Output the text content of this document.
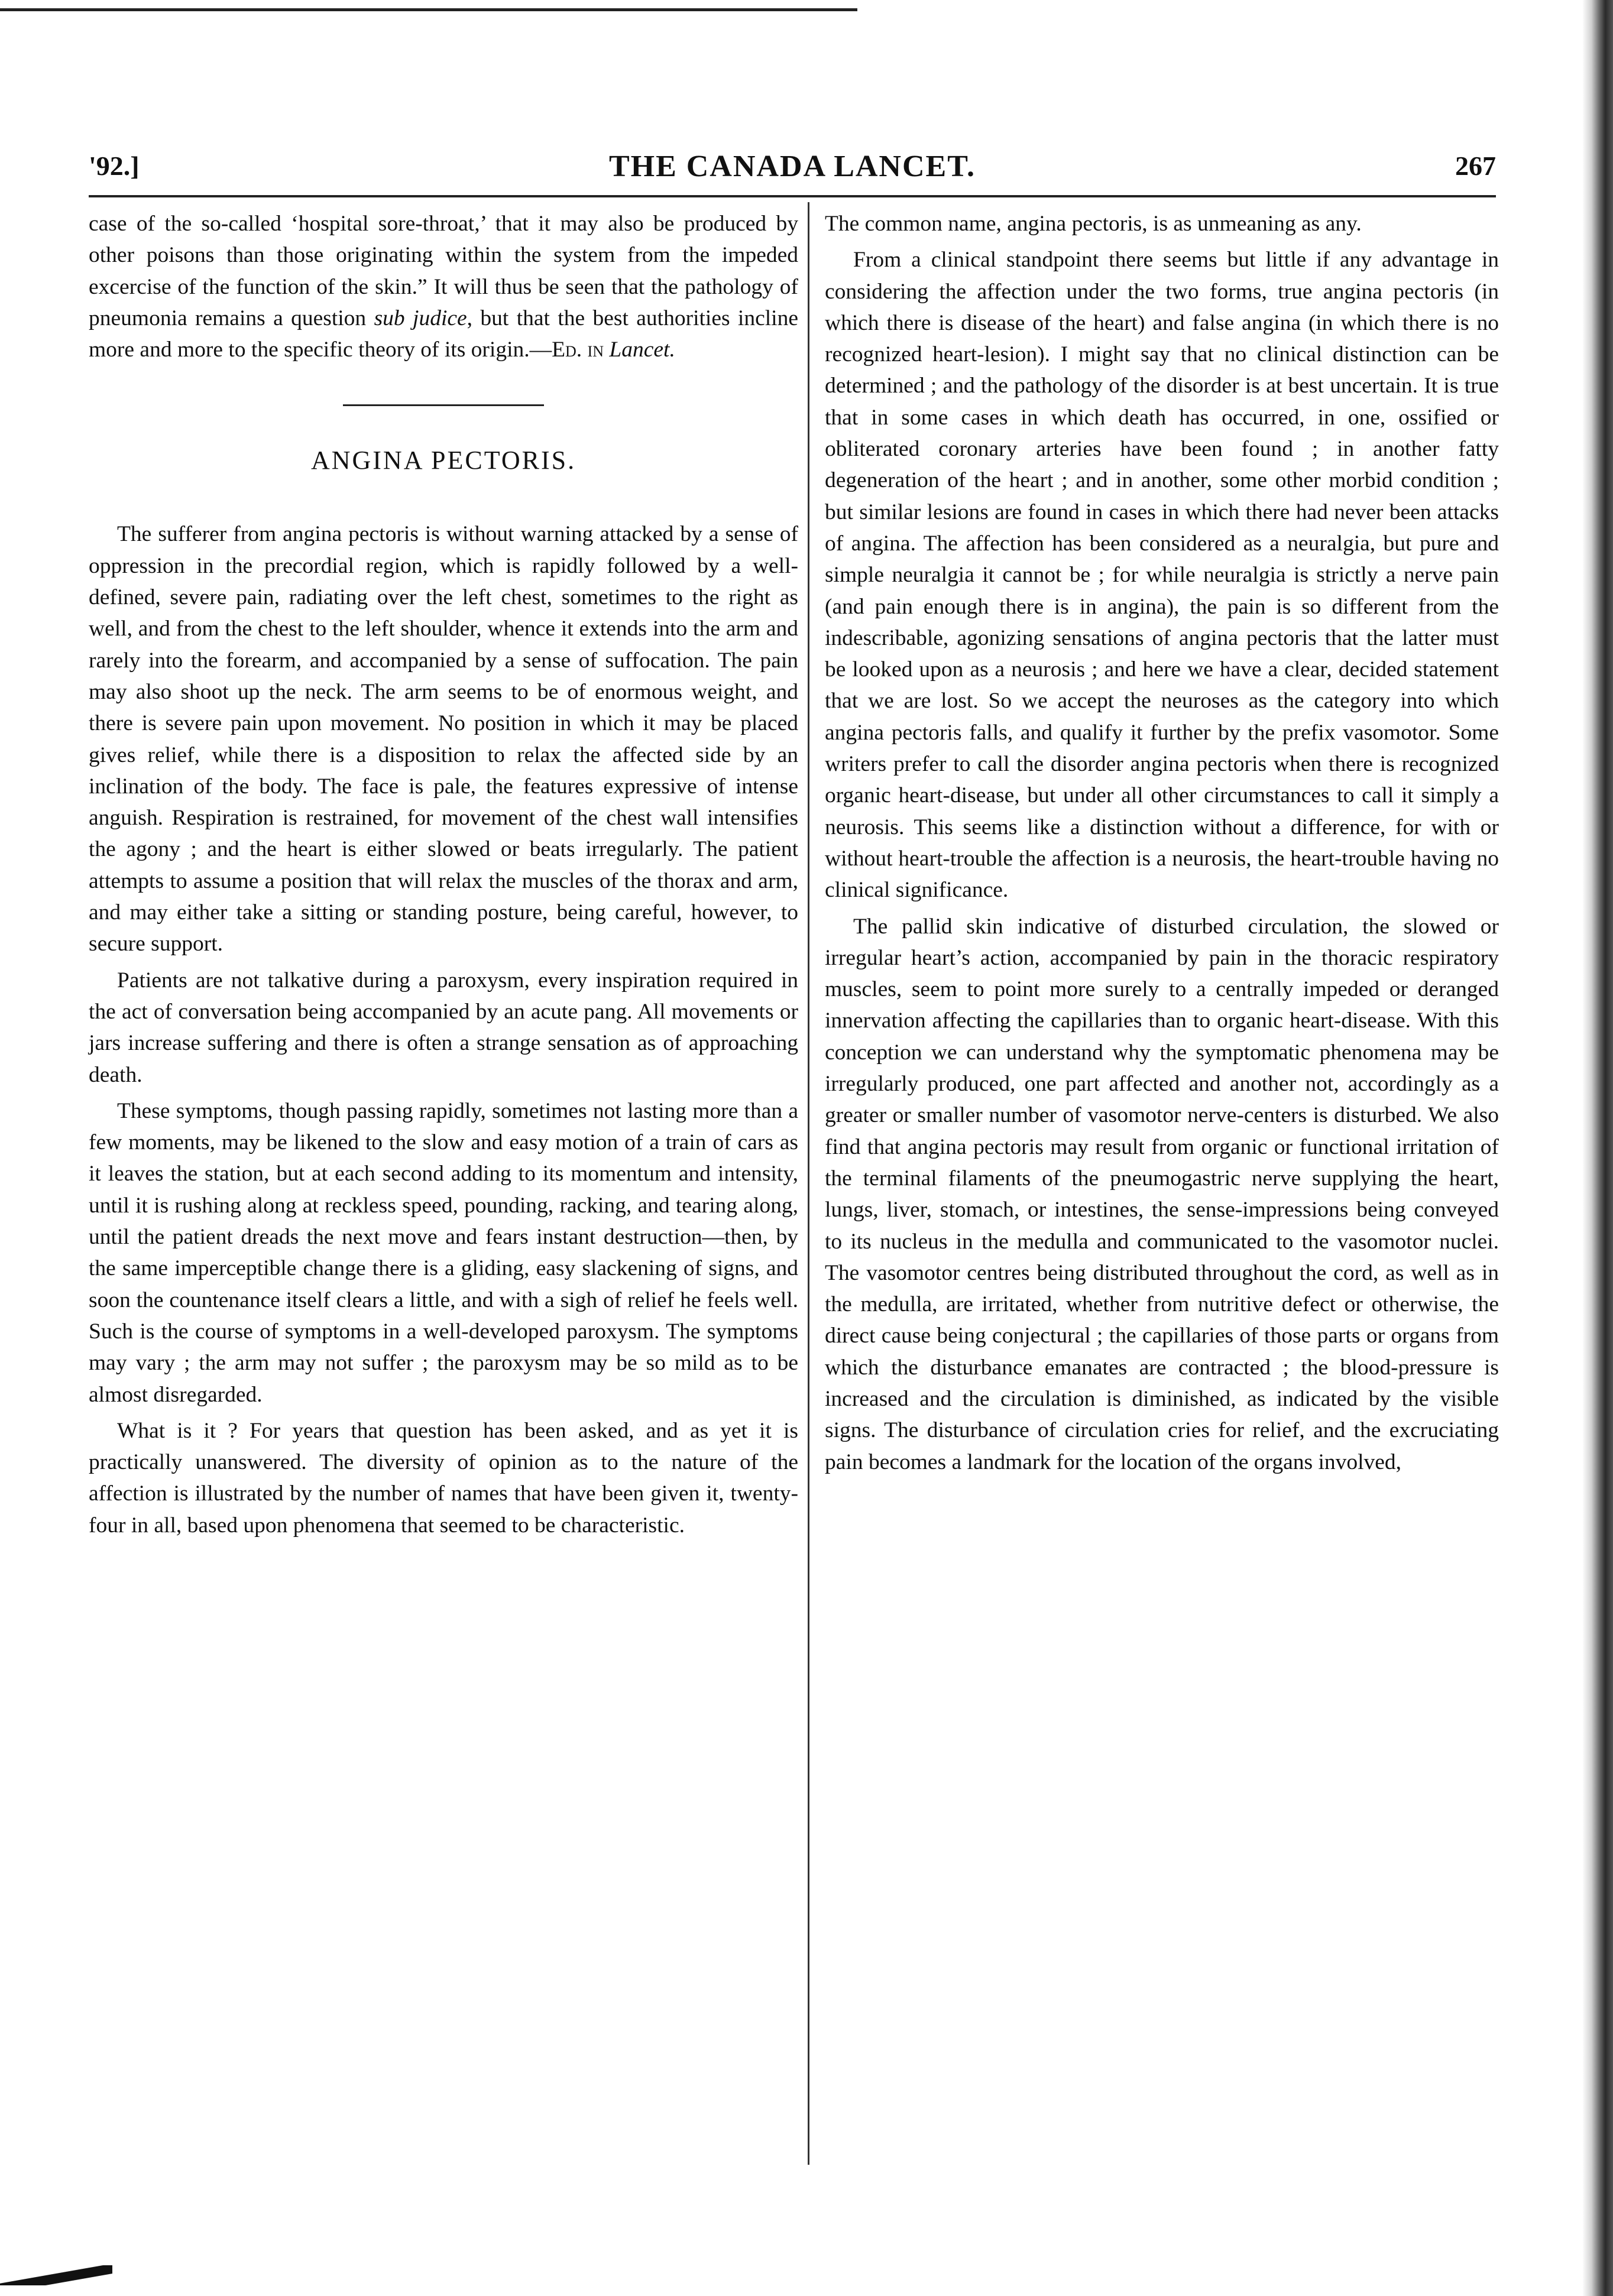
'92.]	THE CANADA LANCET.	267

case of the so-called ‘hospital sore-throat,’ that it may also be produced by other poisons than those originating within the system from the impeded excercise of the function of the skin.” It will thus be seen that the pathology of pneumonia remains a question sub judice, but that the best authorities incline more and more to the specific theory of its origin.—Ed. in Lancet.

ANGINA PECTORIS.

The sufferer from angina pectoris is without warning attacked by a sense of oppression in the precordial region, which is rapidly followed by a well-defined, severe pain, radiating over the left chest, sometimes to the right as well, and from the chest to the left shoulder, whence it extends into the arm and rarely into the forearm, and accompanied by a sense of suffocation. The pain may also shoot up the neck. The arm seems to be of enormous weight, and there is severe pain upon movement. No position in which it may be placed gives relief, while there is a disposition to relax the affected side by an inclination of the body. The face is pale, the features expressive of intense anguish. Respiration is restrained, for movement of the chest wall intensifies the agony ; and the heart is either slowed or beats irregularly. The patient attempts to assume a position that will relax the muscles of the thorax and arm, and may either take a sitting or standing posture, being careful, however, to secure support.

Patients are not talkative during a paroxysm, every inspiration required in the act of conversation being accompanied by an acute pang. All movements or jars increase suffering and there is often a strange sensation as of approaching death.

These symptoms, though passing rapidly, sometimes not lasting more than a few moments, may be likened to the slow and easy motion of a train of cars as it leaves the station, but at each second adding to its momentum and intensity, until it is rushing along at reckless speed, pounding, racking, and tearing along, until the patient dreads the next move and fears instant destruction—then, by the same imperceptible change there is a gliding, easy slackening of signs, and soon the countenance itself clears a little, and with a sigh of relief he feels well. Such is the course of symptoms in a well-developed paroxysm. The symptoms may vary ; the arm may not suffer ; the paroxysm may be so mild as to be almost disregarded.

What is it ? For years that question has been asked, and as yet it is practically unanswered. The diversity of opinion as to the nature of the affection is illustrated by the number of names that have been given it, twenty-four in all, based upon phenomena that seemed to be characteristic.

The common name, angina pectoris, is as unmeaning as any.

From a clinical standpoint there seems but little if any advantage in considering the affection under the two forms, true angina pectoris (in which there is disease of the heart) and false angina (in which there is no recognized heart-lesion). I might say that no clinical distinction can be determined ; and the pathology of the disorder is at best uncertain. It is true that in some cases in which death has occurred, in one, ossified or obliterated coronary arteries have been found ; in another fatty degeneration of the heart ; and in another, some other morbid condition ; but similar lesions are found in cases in which there had never been attacks of angina. The affection has been considered as a neuralgia, but pure and simple neuralgia it cannot be ; for while neuralgia is strictly a nerve pain (and pain enough there is in angina), the pain is so different from the indescribable, agonizing sensations of angina pectoris that the latter must be looked upon as a neurosis ; and here we have a clear, decided statement that we are lost. So we accept the neuroses as the category into which angina pectoris falls, and qualify it further by the prefix vasomotor. Some writers prefer to call the disorder angina pectoris when there is recognized organic heart-disease, but under all other circumstances to call it simply a neurosis. This seems like a distinction without a difference, for with or without heart-trouble the affection is a neurosis, the heart-trouble having no clinical significance.

The pallid skin indicative of disturbed circulation, the slowed or irregular heart’s action, accompanied by pain in the thoracic respiratory muscles, seem to point more surely to a centrally impeded or deranged innervation affecting the capillaries than to organic heart-disease. With this conception we can understand why the symptomatic phenomena may be irregularly produced, one part affected and another not, accordingly as a greater or smaller number of vasomotor nerve-centers is disturbed. We also find that angina pectoris may result from organic or functional irritation of the terminal filaments of the pneumogastric nerve supplying the heart, lungs, liver, stomach, or intestines, the sense-impressions being conveyed to its nucleus in the medulla and communicated to the vasomotor nuclei. The vasomotor centres being distributed throughout the cord, as well as in the medulla, are irritated, whether from nutritive defect or otherwise, the direct cause being conjectural ; the capillaries of those parts or organs from which the disturbance emanates are contracted ; the blood-pressure is increased and the circulation is diminished, as indicated by the visible signs. The disturbance of circulation cries for relief, and the excruciating pain becomes a landmark for the location of the organs involved,
